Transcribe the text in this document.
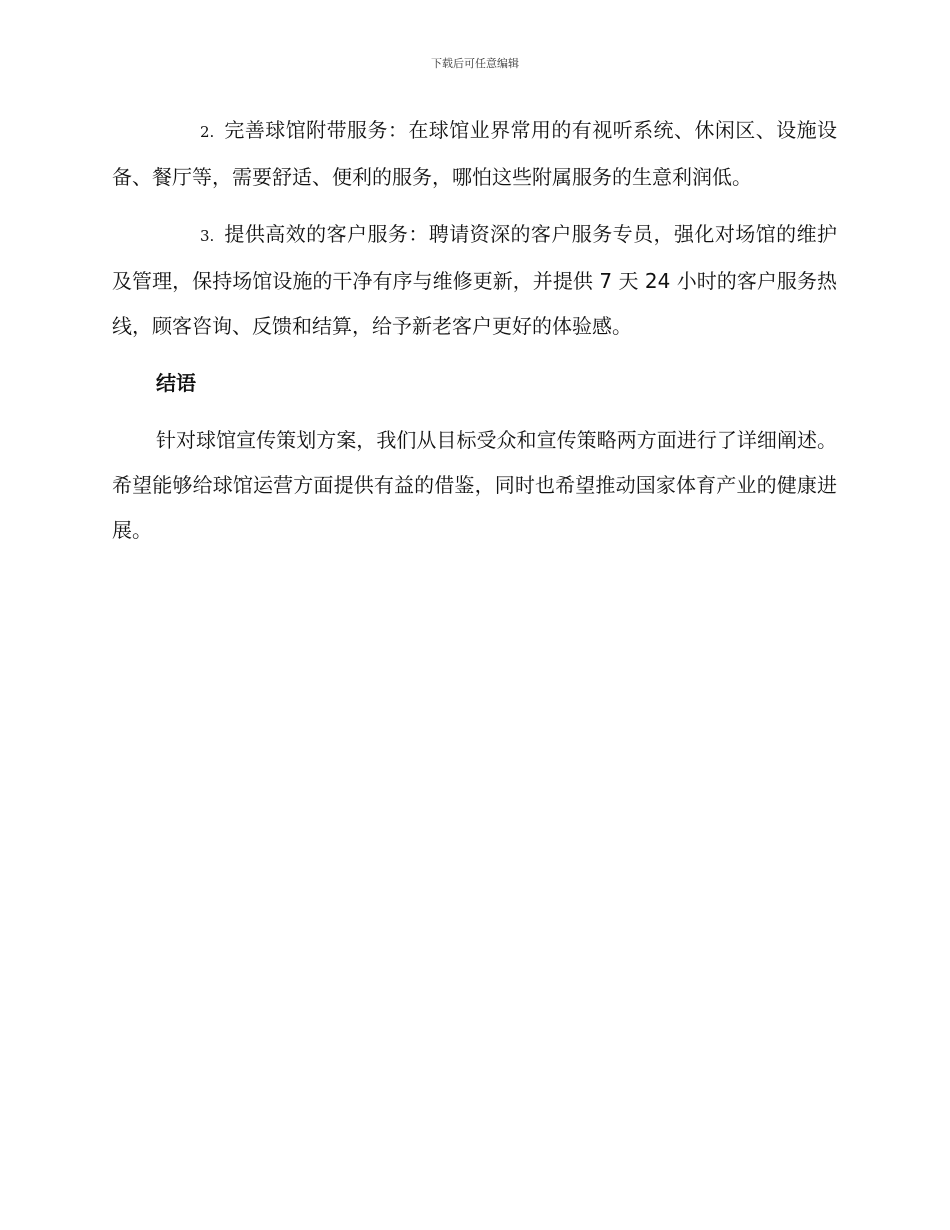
下载后可任意编辑

2. 完善球馆附带服务：在球馆业界常用的有视听系统、休闲区、设施设备、餐厅等，需要舒适、便利的服务，哪怕这些附属服务的生意利润低。

3. 提供高效的客户服务：聘请资深的客户服务专员，强化对场馆的维护及管理，保持场馆设施的干净有序与维修更新，并提供 7 天 24 小时的客户服务热线，顾客咨询、反馈和结算，给予新老客户更好的体验感。

结语

针对球馆宣传策划方案，我们从目标受众和宣传策略两方面进行了详细阐述。希望能够给球馆运营方面提供有益的借鉴，同时也希望推动国家体育产业的健康进展。
